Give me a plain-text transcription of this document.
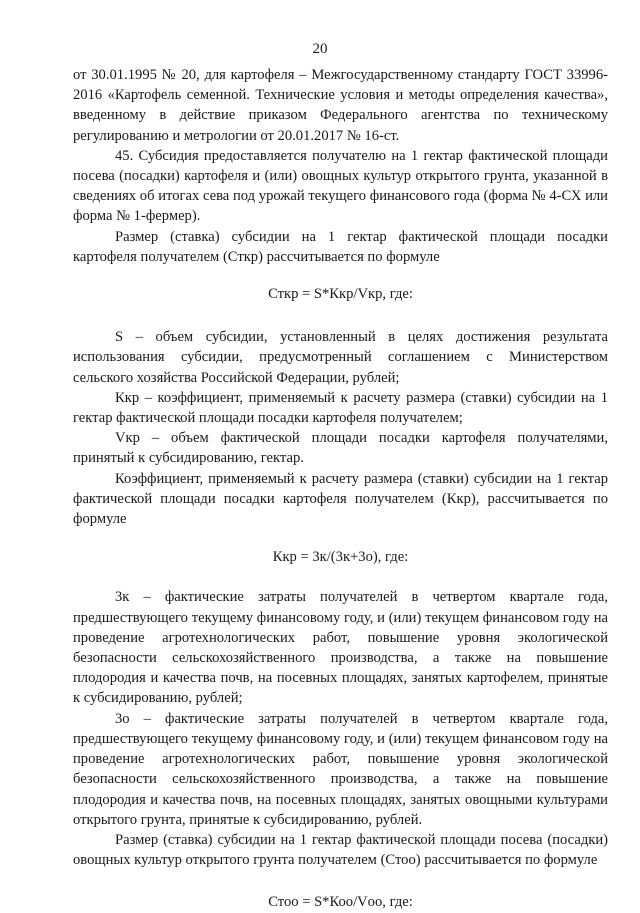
20

от 30.01.1995 № 20, для картофеля – Межгосударственному стандарту ГОСТ 33996-2016 «Картофель семенной. Технические условия и методы определения качества», введенному в действие приказом Федерального агентства по техническому регулированию и метрологии от 20.01.2017 № 16-ст.

45. Субсидия предоставляется получателю на 1 гектар фактической площади посева (посадки) картофеля и (или) овощных культур открытого грунта, указанной в сведениях об итогах сева под урожай текущего финансового года (форма № 4-СХ или форма № 1-фермер).

Размер (ставка) субсидии на 1 гектар фактической площади посадки картофеля получателем (Сткр) рассчитывается по формуле

Сткр = S*Ккр/Vкр, где:

S – объем субсидии, установленный в целях достижения результата использования субсидии, предусмотренный соглашением с Министерством сельского хозяйства Российской Федерации, рублей;

Ккр – коэффициент, применяемый к расчету размера (ставки) субсидии на 1 гектар фактической площади посадки картофеля получателем;

Vкр – объем фактической площади посадки картофеля получателями, принятый к субсидированию, гектар.

Коэффициент, применяемый к расчету размера (ставки) субсидии на 1 гектар фактической площади посадки картофеля получателем (Ккр), рассчитывается по формуле

Ккр = 3к/(3к+3о), где:

3к – фактические затраты получателей в четвертом квартале года, предшествующего текущему финансовому году, и (или) текущем финансовом году на проведение агротехнологических работ, повышение уровня экологической безопасности сельскохозяйственного производства, а также на повышение плодородия и качества почв, на посевных площадях, занятых картофелем, принятые к субсидированию, рублей;

3о – фактические затраты получателей в четвертом квартале года, предшествующего текущему финансовому году, и (или) текущем финансовом году на проведение агротехнологических работ, повышение уровня экологической безопасности сельскохозяйственного производства, а также на повышение плодородия и качества почв, на посевных площадях, занятых овощными культурами открытого грунта, принятые к субсидированию, рублей.

Размер (ставка) субсидии на 1 гектар фактической площади посева (посадки) овощных культур открытого грунта получателем (Стоо) рассчитывается по формуле

Стоо = S*Коо/Vоо, где:
